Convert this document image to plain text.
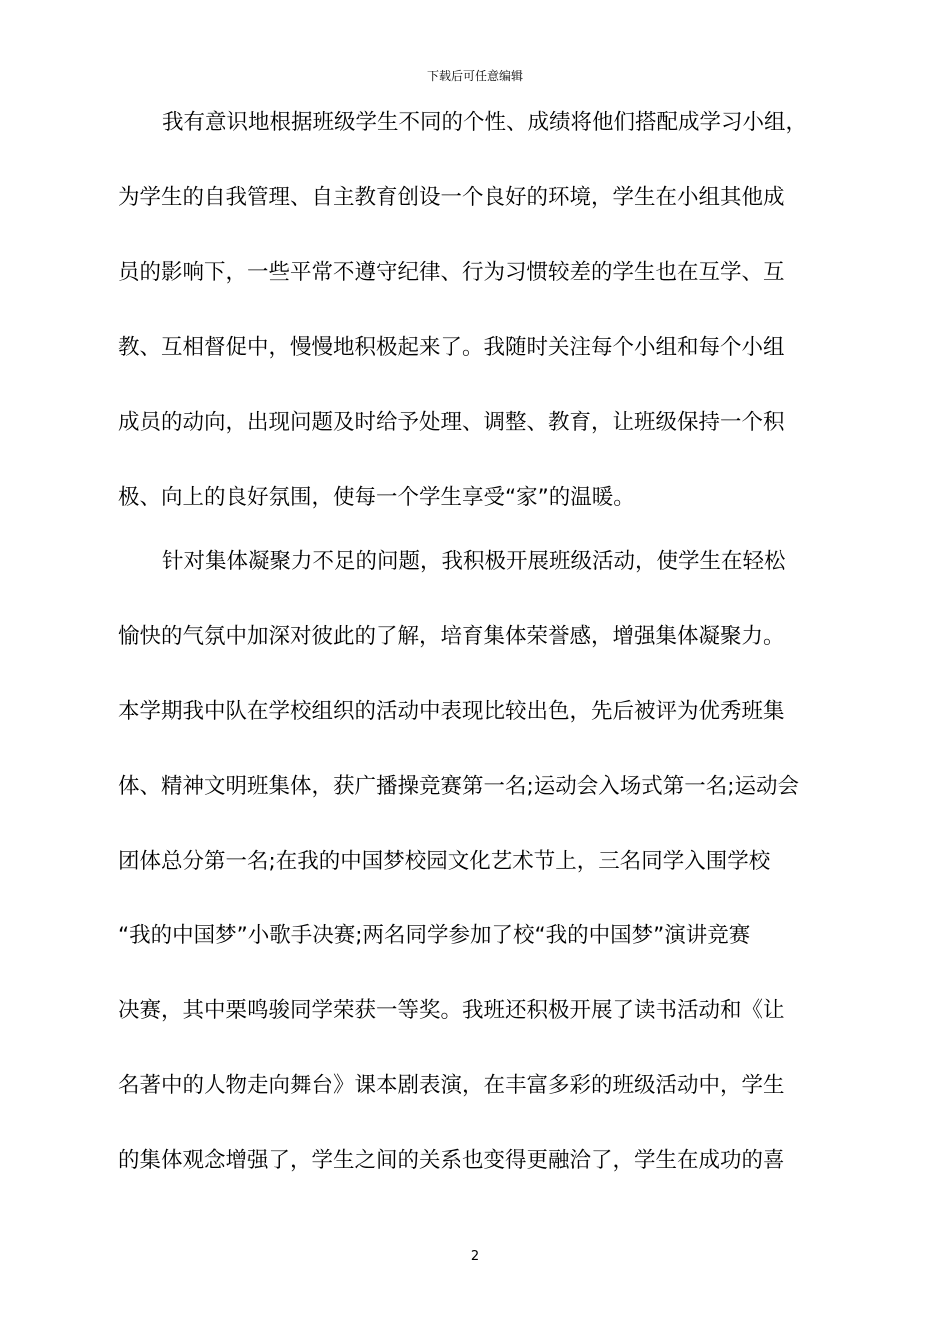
下载后可任意编辑
我有意识地根据班级学生不同的个性、成绩将他们搭配成学习小组，
为学生的自我管理、自主教育创设一个良好的环境，学生在小组其他成
员的影响下，一些平常不遵守纪律、行为习惯较差的学生也在互学、互
教、互相督促中，慢慢地积极起来了。我随时关注每个小组和每个小组
成员的动向，出现问题及时给予处理、调整、教育，让班级保持一个积
极、向上的良好氛围，使每一个学生享受“家”的温暖。
针对集体凝聚力不足的问题，我积极开展班级活动，使学生在轻松
愉快的气氛中加深对彼此的了解，培育集体荣誉感，增强集体凝聚力。
本学期我中队在学校组织的活动中表现比较出色，先后被评为优秀班集
体、精神文明班集体，获广播操竞赛第一名;运动会入场式第一名;运动会
团体总分第一名;在我的中国梦校园文化艺术节上，三名同学入围学校
“我的中国梦”小歌手决赛;两名同学参加了校“我的中国梦”演讲竞赛
决赛，其中栗鸣骏同学荣获一等奖。我班还积极开展了读书活动和《让
名著中的人物走向舞台》课本剧表演，在丰富多彩的班级活动中，学生
的集体观念增强了，学生之间的关系也变得更融洽了，学生在成功的喜
2
